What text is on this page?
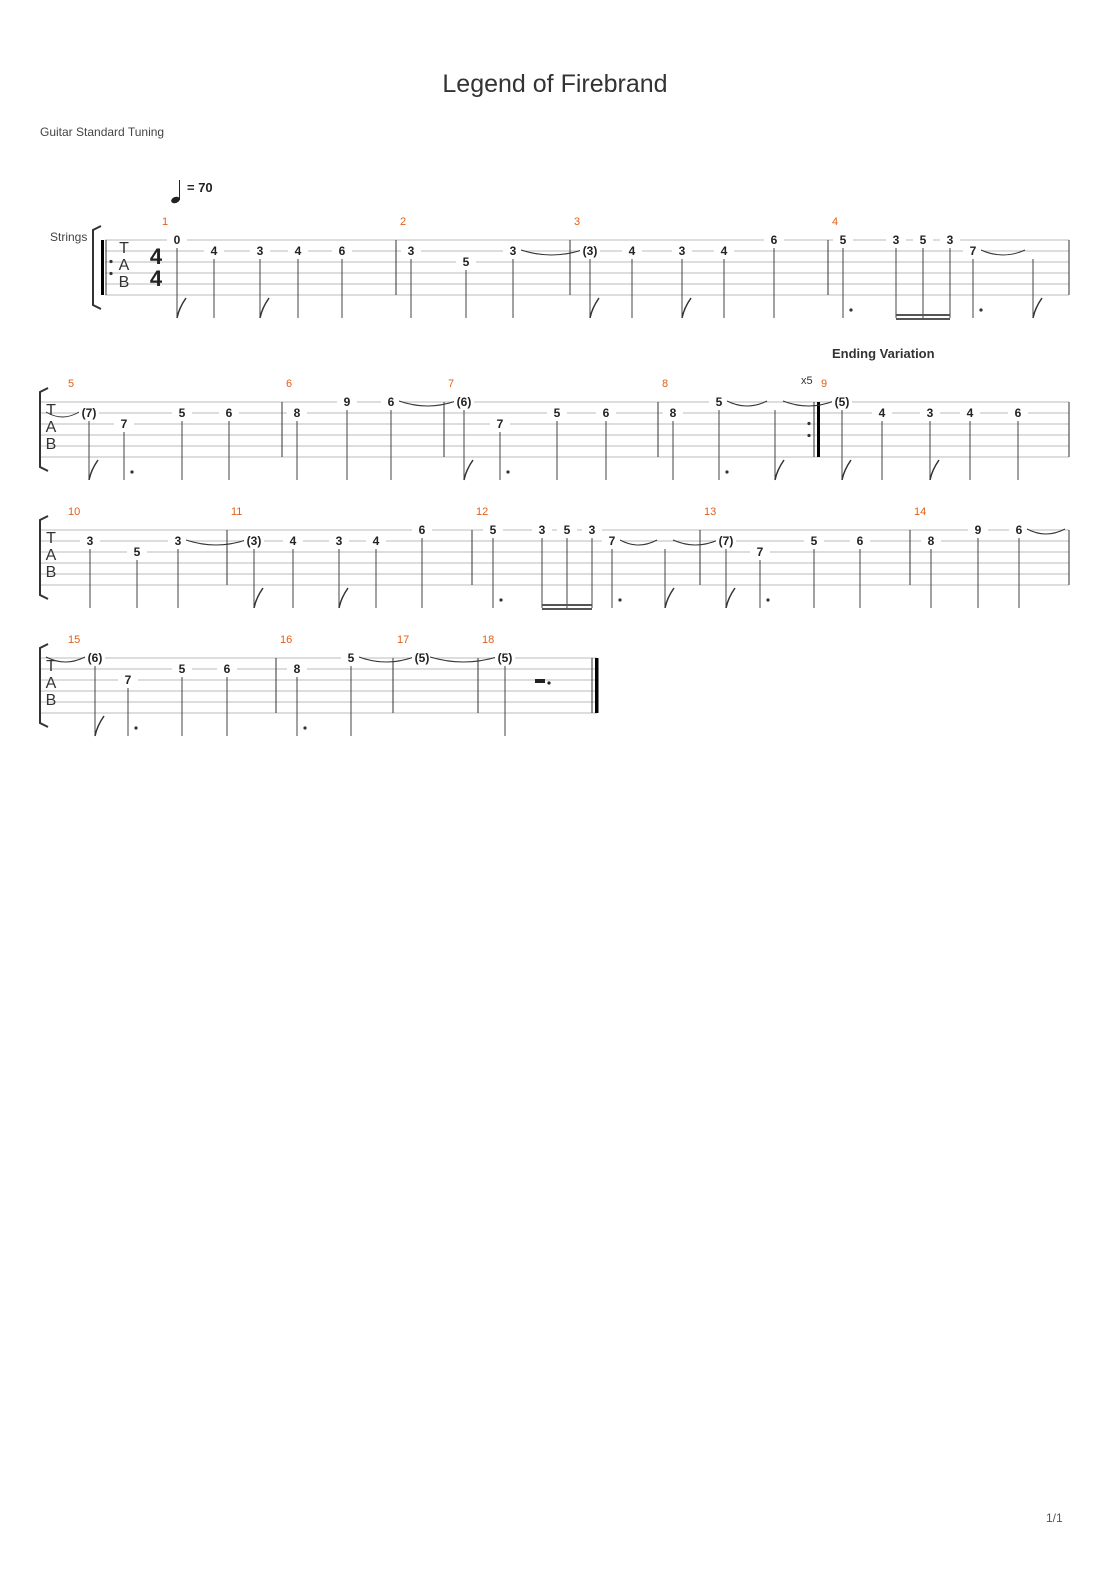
Legend of Firebrand
Guitar Standard Tuning
= 70
Strings
1/1
T
A
B
4
4
1
0
4	3	4	6
2
3
5
3
3
(3)	4	3	4
6
4
5	3 5 3
7
T
A
B
5
(7)
7
5	6
6
8
9	6
7
(6)
7
5	6
x5
Ending Variation
8
8
5
9
(5)
4	3	4	6
T
A
B
10
3
5
3
11
(3) 4	3	4
6
12
5	3 5 3
7
13
(7)
7
5	6
14
8
9	6
T
A
B
15
(6)
7
5	6
16
8
5
17
(5)
18
(5)
